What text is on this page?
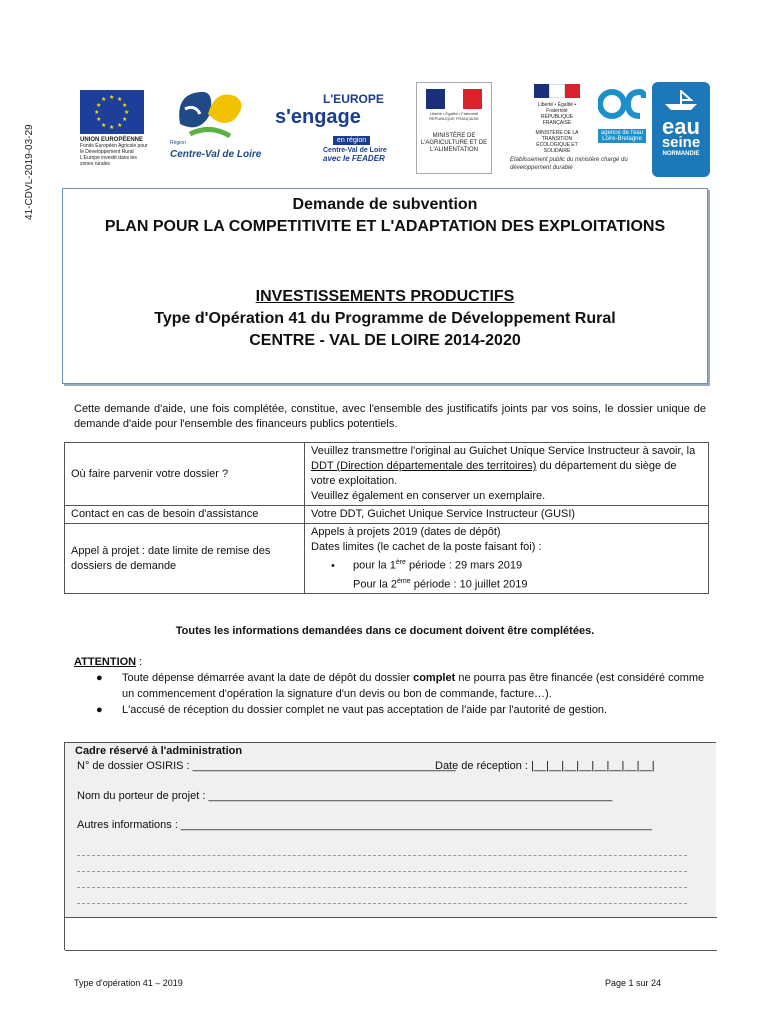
41-CDVL-2019-03-29
★ ★
★
★
★
★
★
★
★
★
★
★
UNION EUROPÉENNE
Fonds Européen Agricole pour le Développement Rural
L'Europe investit dans les zones rurales
Région
Centre-Val de Loire
L'EUROPE
s'engage
en région
Centre-Val de Loire
avec le FEADER
Liberté • Égalité • Fraternité RÉPUBLIQUE FRANÇAISE
MINISTÈRE DE L'AGRICULTURE ET DE L'ALIMENTATION
Liberté • Égalité • Fraternité RÉPUBLIQUE FRANÇAISE
MINISTÈRE DE LA TRANSITION ÉCOLOGIQUE ET SOLIDAIRE
agence de l'eau Loire-Bretagne
Etablissement public du ministère chargé du développement durable
eau
seine
NORMANDIE
Demande de subvention
PLAN POUR LA COMPETITIVITE ET L'ADAPTATION DES EXPLOITATIONS
INVESTISSEMENTS PRODUCTIFS
Type d'Opération 41 du Programme de Développement Rural
CENTRE - VAL DE LOIRE 2014-2020
Cette demande d'aide, une fois complétée, constitue, avec l'ensemble des justificatifs joints par vos soins, le dossier unique de demande d'aide pour l'ensemble des financeurs publics potentiels.
Où faire parvenir votre dossier ?	Veuillez transmettre l'original au Guichet Unique Service Instructeur à savoir, la DDT (Direction départementale des territoires) du département du siège de votre exploitation.
Veuillez également en conserver un exemplaire.
Contact en cas de besoin d'assistance	Votre DDT, Guichet Unique Service Instructeur (GUSI)
Appel à projet : date limite de remise des dossiers de demande	Appels à projets 2019 (dates de dépôt)
Dates limites (le cachet de la poste faisant foi) :
• pour la 1ère période : 29 mars 2019
Pour la 2ème période : 10 juillet 2019
Toutes les informations demandées dans ce document doivent être complétées.
ATTENTION :
● Toute dépense démarrée avant la date de dépôt du dossier complet ne pourra pas être financée (est considéré comme un commencement d'opération la signature d'un devis ou bon de commande, facture…).
● L'accusé de réception du dossier complet ne vaut pas acceptation de l'aide par l'autorité de gestion.
Cadre réservé à l'administration
N° de dossier OSIRIS : ___________________________________________
Date de réception : |__|__|__|__|__|__|__|__|
Nom du porteur de projet : __________________________________________________________________
Autres informations : _____________________________________________________________________________
Type d'opération 41 – 2019	Page 1 sur 24
